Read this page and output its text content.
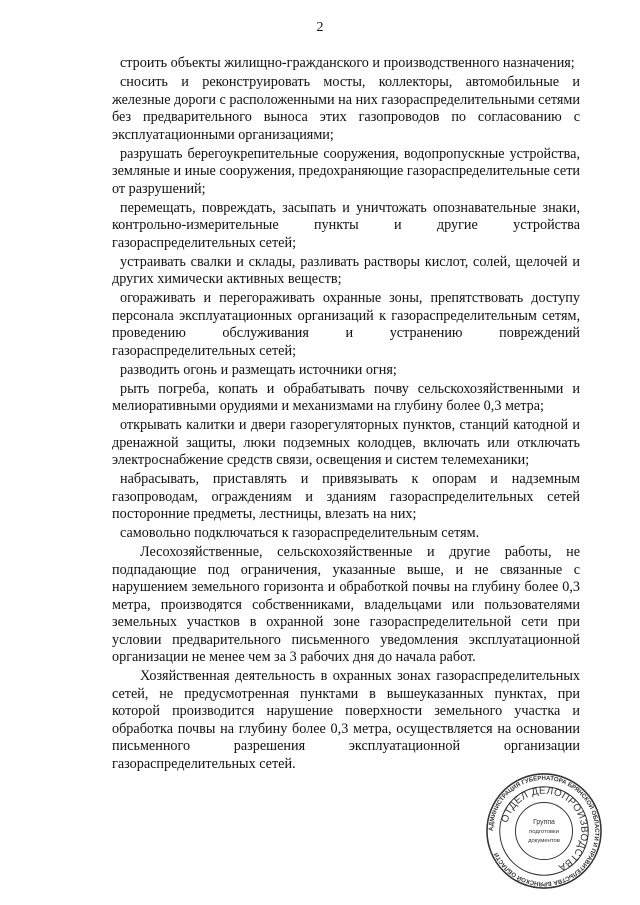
2

строить объекты жилищно-гражданского и производственного назначения;

сносить и реконструировать мосты, коллекторы, автомобильные и железные дороги с расположенными на них газораспределительными сетями без предварительного выноса этих газопроводов по согласованию с эксплуатационными организациями;

разрушать берегоукрепительные сооружения, водопропускные устройства, земляные и иные сооружения, предохраняющие газораспределительные сети от разрушений;

перемещать, повреждать, засыпать и уничтожать опознавательные знаки, контрольно-измерительные пункты и другие устройства газораспределительных сетей;

устраивать свалки и склады, разливать растворы кислот, солей, щелочей и других химически активных веществ;

огораживать и перегораживать охранные зоны, препятствовать доступу персонала эксплуатационных организаций к газораспределительным сетям, проведению обслуживания и устранению повреждений газораспределительных сетей;

разводить огонь и размещать источники огня;

рыть погреба, копать и обрабатывать почву сельскохозяйственными и мелиоративными орудиями и механизмами на глубину более 0,3 метра;

открывать калитки и двери газорегуляторных пунктов, станций катодной и дренажной защиты, люки подземных колодцев, включать или отключать электроснабжение средств связи, освещения и систем телемеханики;

набрасывать, приставлять и привязывать к опорам и надземным газопроводам, ограждениям и зданиям газораспределительных сетей посторонние предметы, лестницы, влезать на них;

самовольно подключаться к газораспределительным сетям.

Лесохозяйственные, сельскохозяйственные и другие работы, не подпадающие под ограничения, указанные выше, и не связанные с нарушением земельного горизонта и обработкой почвы на глубину более 0,3 метра, производятся собственниками, владельцами или пользователями земельных участков в охранной зоне газораспределительной сети при условии предварительного письменного уведомления эксплуатационной организации не менее чем за 3 рабочих дня до начала работ.

Хозяйственная деятельность в охранных зонах газораспределительных сетей, не предусмотренная пунктами в вышеуказанных пунктах, при которой производится нарушение поверхности земельного участка и обработка почвы на глубину более 0,3 метра, осуществляется на основании письменного разрешения эксплуатационной организации газораспределительных сетей.

АДМИНИСТРАЦИЯ ГУБЕРНАТОРА БРЯНСКОЙ ОБЛАСТИ И ПРАВИТЕЛЬСТВА БРЯНСКОЙ ОБЛАСТИ
ОТДЕЛ ДЕЛОПРОИЗВОДСТВА
Группа
подготовки
документов
